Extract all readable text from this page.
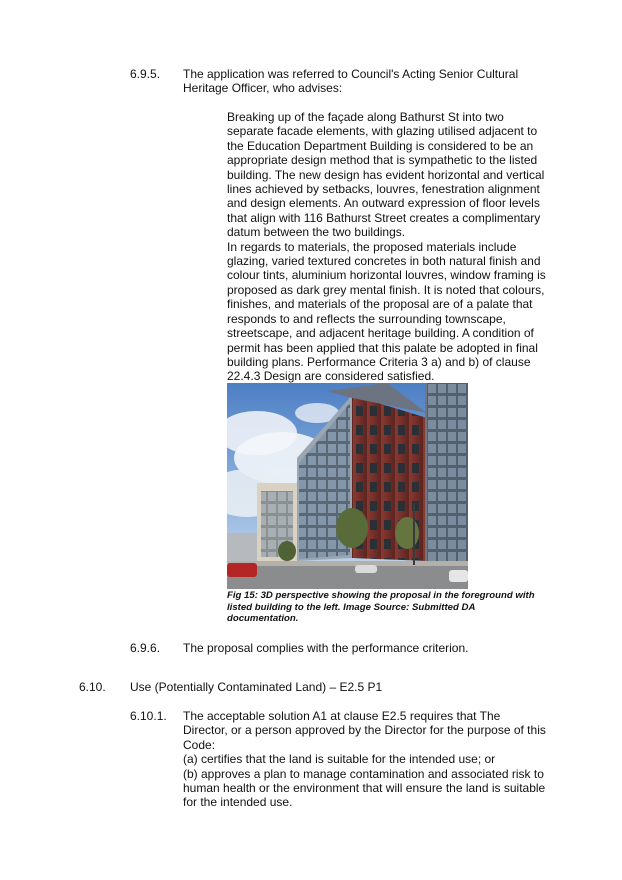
6.9.5. The application was referred to Council's Acting Senior Cultural
Heritage Officer, who advises:
Breaking up of the façade along Bathurst St into two
separate facade elements, with glazing utilised adjacent to
the Education Department Building is considered to be an
appropriate design method that is sympathetic to the listed
building. The new design has evident horizontal and vertical
lines achieved by setbacks, louvres, fenestration alignment
and design elements. An outward expression of floor levels
that align with 116 Bathurst Street creates a complimentary
datum between the two buildings.
In regards to materials, the proposed materials include
glazing, varied textured concretes in both natural finish and
colour tints, aluminium horizontal louvres, window framing is
proposed as dark grey mental finish. It is noted that colours,
finishes, and materials of the proposal are of a palate that
responds to and reflects the surrounding townscape,
streetscape, and adjacent heritage building. A condition of
permit has been applied that this palate be adopted in final
building plans. Performance Criteria 3 a) and b) of clause
22.4.3 Design are considered satisfied.
Fig 15: 3D perspective showing the proposal in the foreground with
listed building to the left. Image Source: Submitted DA
documentation.
6.9.6. The proposal complies with the performance criterion.
6.10. Use (Potentially Contaminated Land) – E2.5 P1
6.10.1. The acceptable solution A1 at clause E2.5 requires that The
Director, or a person approved by the Director for the purpose of this
Code:
(a) certifies that the land is suitable for the intended use; or
(b) approves a plan to manage contamination and associated risk to
human health or the environment that will ensure the land is suitable
for the intended use.
